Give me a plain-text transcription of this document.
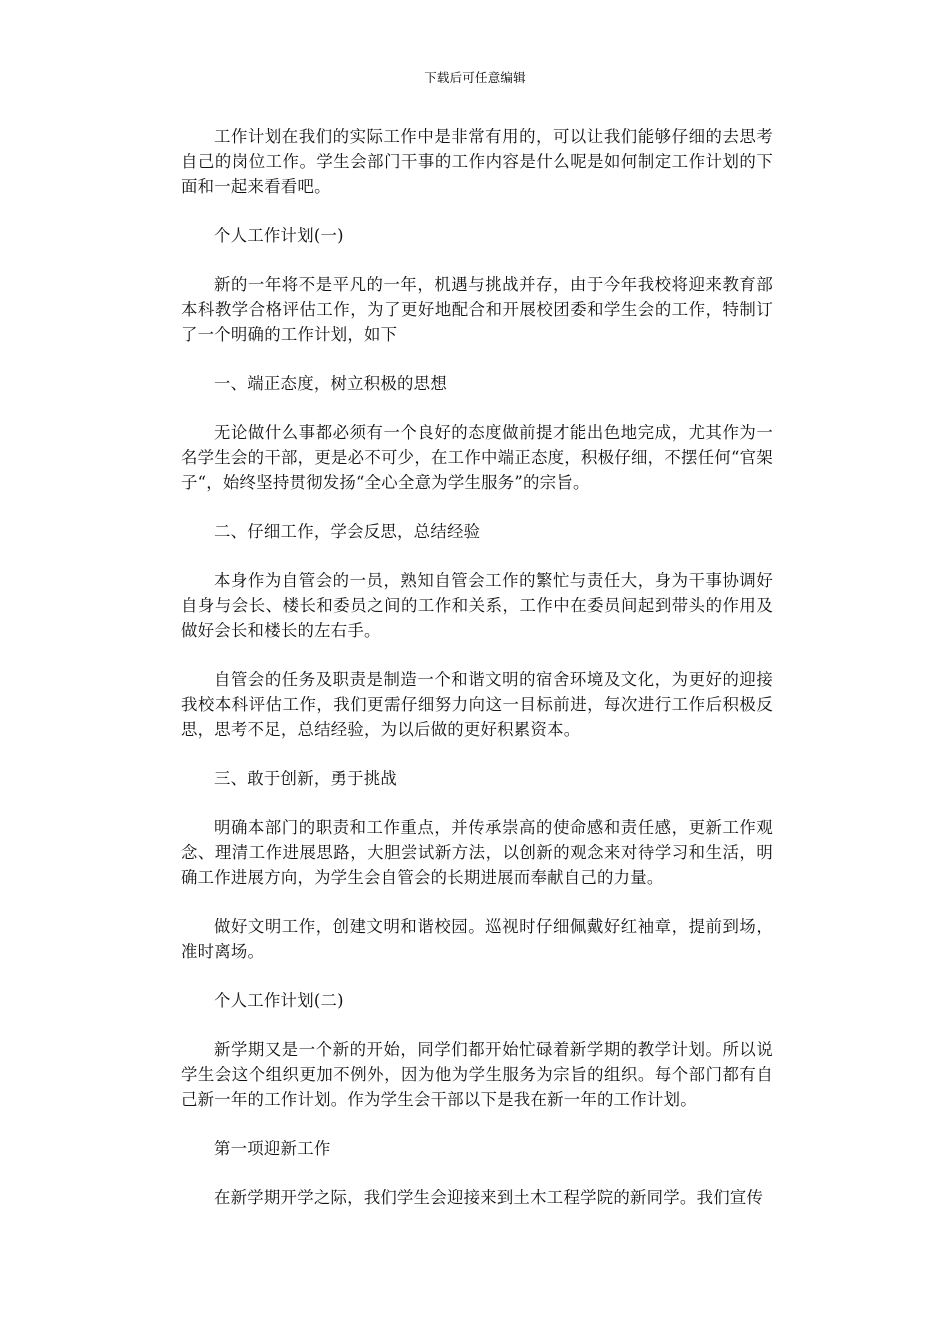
下载后可任意编辑

工作计划在我们的实际工作中是非常有用的，可以让我们能够仔细的去思考自己的岗位工作。学生会部门干事的工作内容是什么呢是如何制定工作计划的下面和一起来看看吧。

个人工作计划(一)

新的一年将不是平凡的一年，机遇与挑战并存，由于今年我校将迎来教育部本科教学合格评估工作，为了更好地配合和开展校团委和学生会的工作，特制订了一个明确的工作计划，如下

一、端正态度，树立积极的思想

无论做什么事都必须有一个良好的态度做前提才能出色地完成，尤其作为一名学生会的干部，更是必不可少，在工作中端正态度，积极仔细，不摆任何“官架子“，始终坚持贯彻发扬“全心全意为学生服务”的宗旨。

二、仔细工作，学会反思，总结经验

本身作为自管会的一员，熟知自管会工作的繁忙与责任大，身为干事协调好自身与会长、楼长和委员之间的工作和关系，工作中在委员间起到带头的作用及做好会长和楼长的左右手。

自管会的任务及职责是制造一个和谐文明的宿舍环境及文化，为更好的迎接我校本科评估工作，我们更需仔细努力向这一目标前进，每次进行工作后积极反思，思考不足，总结经验，为以后做的更好积累资本。

三、敢于创新，勇于挑战

明确本部门的职责和工作重点，并传承崇高的使命感和责任感，更新工作观念、理清工作进展思路，大胆尝试新方法，以创新的观念来对待学习和生活，明确工作进展方向，为学生会自管会的长期进展而奉献自己的力量。

做好文明工作，创建文明和谐校园。巡视时仔细佩戴好红袖章，提前到场，准时离场。

个人工作计划(二)

新学期又是一个新的开始，同学们都开始忙碌着新学期的教学计划。所以说学生会这个组织更加不例外，因为他为学生服务为宗旨的组织。每个部门都有自己新一年的工作计划。作为学生会干部以下是我在新一年的工作计划。

第一项迎新工作

在新学期开学之际，我们学生会迎接来到土木工程学院的新同学。我们宣传
